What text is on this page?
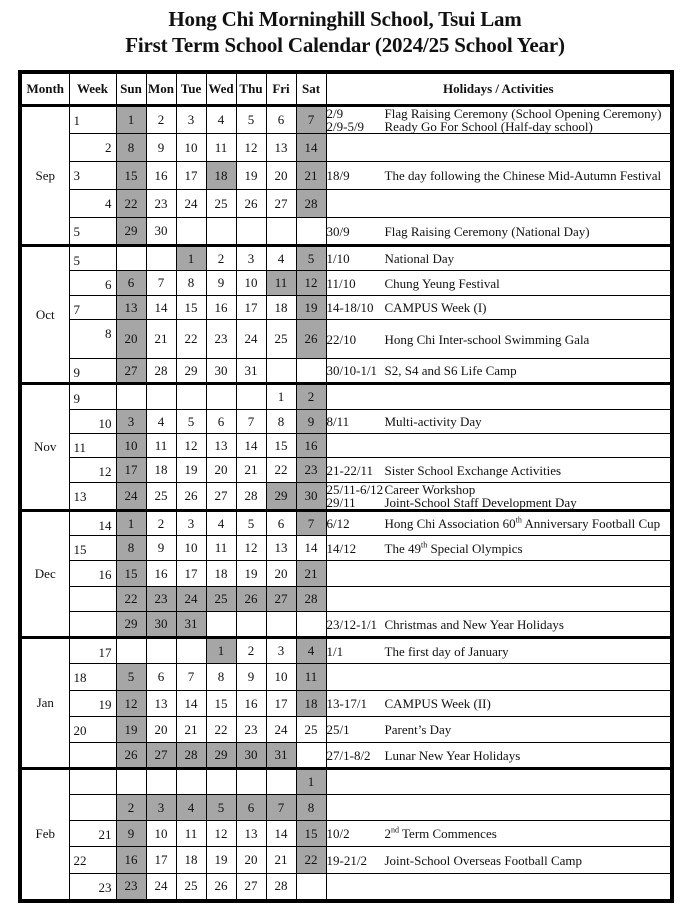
Hong Chi Morninghill School, Tsui Lam
First Term School Calendar (2024/25 School Year)
Month	Week	Sun	Mon	Tue	Wed	Thu	Fri	Sat	Holidays / Activities
Sep	1	1	2	3	4	5	6	7	2/9 Flag Raising Ceremony (School Opening Ceremony)
2/9-5/9 Ready Go For School (Half-day school)

	2	8	9	10	11	12	13	14	

	3	15	16	17	18	19	20	21	18/9 The day following the Chinese Mid-Autumn Festival

	4	22	23	24	25	26	27	28	

	5	29	30						30/9 Flag Raising Ceremony (National Day)

Oct	5			1	2	3	4	5	1/10 National Day

	6	6	7	8	9	10	11	12	11/10 Chung Yeung Festival

	7	13	14	15	16	17	18	19	14-18/10 CAMPUS Week (I)

	8	20	21	22	23	24	25	26	22/10 Hong Chi Inter-school Swimming Gala

	9	27	28	29	30	31			30/10-1/1 S2, S4 and S6 Life Camp

Nov	9						1	2	

	10	3	4	5	6	7	8	9	8/11 Multi-activity Day

	11	10	11	12	13	14	15	16	

	12	17	18	19	20	21	22	23	21-22/11 Sister School Exchange Activities

	13	24	25	26	27	28	29	30	25/11-6/12 Career Workshop
29/11 Joint-School Staff Development Day

Dec	14	1	2	3	4	5	6	7	6/12 Hong Chi Association 60th Anniversary Football Cup

	15	8	9	10	11	12	13	14	14/12 The 49th Special Olympics

	16	15	16	17	18	19	20	21	

		22	23	24	25	26	27	28	

		29	30	31					23/12-1/1 Christmas and New Year Holidays

Jan	17				1	2	3	4	1/1 The first day of January

	18	5	6	7	8	9	10	11	

	19	12	13	14	15	16	17	18	13-17/1 CAMPUS Week (II)

	20	19	20	21	22	23	24	25	25/1 Parent’s Day

		26	27	28	29	30	31		27/1-8/2 Lunar New Year Holidays

Feb								1	

		2	3	4	5	6	7	8	

	21	9	10	11	12	13	14	15	10/2 2nd Term Commences

	22	16	17	18	19	20	21	22	19-21/2 Joint-School Overseas Football Camp

	23	23	24	25	26	27	28		
